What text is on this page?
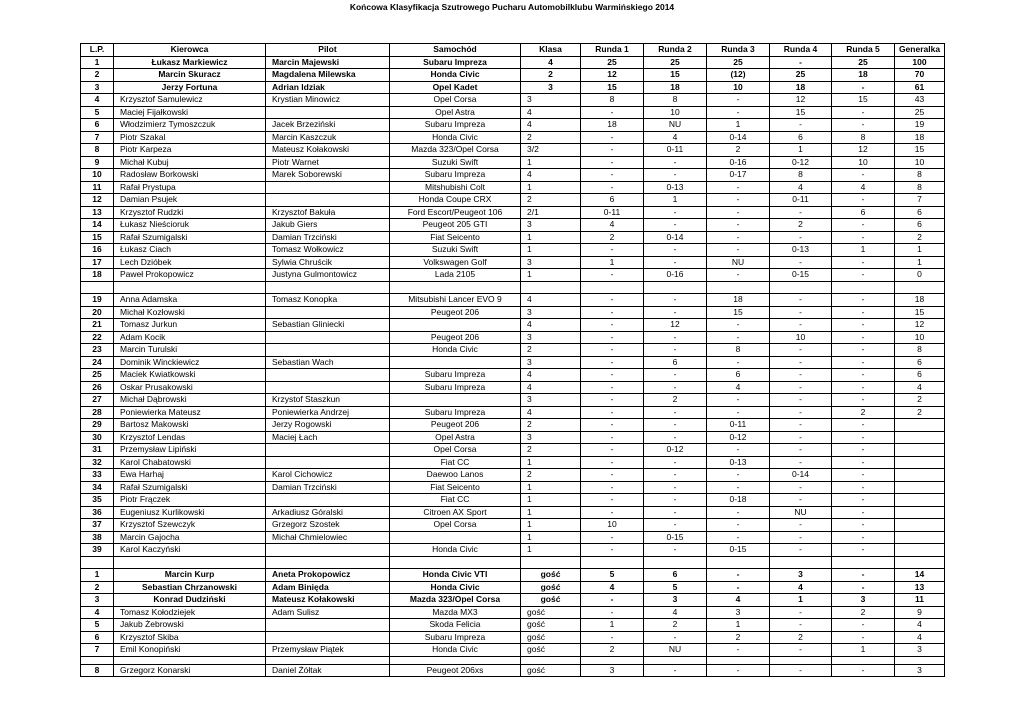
Końcowa Klasyfikacja Szutrowego Pucharu Automobilklubu Warmińskiego 2014
L.P.	Kierowca	Pilot	Samochód	Klasa	Runda 1	Runda 2	Runda 3	Runda 4	Runda 5	Generalka
1	Łukasz Markiewicz	Marcin Majewski	Subaru Impreza	4	25	25	25	-	25	100
2	Marcin Skuracz	Magdalena Milewska	Honda Civic	2	12	15	(12)	25	18	70
3	Jerzy Fortuna	Adrian Idziak	Opel Kadet	3	15	18	10	18	-	61
4	Krzysztof Samulewicz	Krystian Minowicz	Opel Corsa	3	8	8	-	12	15	43
5	Maciej Fijałkowski		Opel Astra	4	-	10	-	15	-	25
6	Włodzimierz Tymoszczuk	Jacek Brzeziński	Subaru Impreza	4	18	NU	1	-	-	19
7	Piotr Szakal	Marcin Kaszczuk	Honda Civic	2	-	4	0-14	6	8	18
8	Piotr Karpeza	Mateusz Kołakowski	Mazda 323/Opel Corsa	3/2	-	0-11	2	1	12	15
9	Michał Kubuj	Piotr Warnet	Suzuki Swift	1	-	-	0-16	0-12	10	10
10	Radosław Borkowski	Marek Soborewski	Subaru Impreza	4	-	-	0-17	8	-	8
11	Rafał Prystupa		Mitshubishi Colt	1	-	0-13	-	4	4	8
12	Damian Psujek		Honda Coupe CRX	2	6	1	-	0-11	-	7
13	Krzysztof Rudzki	Krzysztof Bakuła	Ford Escort/Peugeot 106	2/1	0-11	-	-	-	6	6
14	Łukasz Nieścioruk	Jakub Giers	Peugeot 205 GTI	3	4	-	-	2	-	6
15	Rafał Szumigalski	Damian Trzciński	Fiat Seicento	1	2	0-14	-	-	-	2
16	Łukasz Ciach	Tomasz Wołkowicz	Suzuki Swift	1	-	-	-	0-13	1	1
17	Lech Dzióbek	Sylwia Chruścik	Volkswagen Golf	3	1	-	NU	-	-	1
18	Paweł Prokopowicz	Justyna Gulmontowicz	Lada 2105	1	-	0-16	-	0-15	-	0

19	Anna Adamska	Tomasz Konopka	Mitsubishi Lancer EVO 9	4	-	-	18	-	-	18
20	Michał Kozłowski		Peugeot 206	3	-	-	15	-	-	15
21	Tomasz Jurkun	Sebastian Gliniecki		4	-	12	-	-	-	12
22	Adam Kocik		Peugeot 206	3	-	-	-	10	-	10
23	Marcin Turulski		Honda Civic	2	-	-	8	-	-	8
24	Dominik Winckiewicz	Sebastian Wach		3	-	6	-	-	-	6
25	Maciek Kwiatkowski		Subaru Impreza	4	-	-	6	-	-	6
26	Oskar Prusakowski		Subaru Impreza	4	-	-	4	-	-	4
27	Michał Dąbrowski	Krzystof Staszkun		3	-	2	-	-	-	2
28	Poniewierka Mateusz	Poniewierka Andrzej	Subaru Impreza	4	-	-	-	-	2	2
29	Bartosz Makowski	Jerzy Rogowski	Peugeot 206	2	-	-	0-11	-	-	
30	Krzysztof Lendas	Maciej Łach	Opel Astra	3	-	-	0-12	-	-	
31	Przemysław Lipiński		Opel Corsa	2	-	0-12	-	-	-	
32	Karol Chabatowski		Fiat CC	1	-	-	0-13	-	-	
33	Ewa Harhaj	Karol Cichowicz	Daewoo Lanos	2	-	-	-	0-14	-	
34	Rafał Szumigalski	Damian Trzciński	Fiat Seicento	1	-	-	-	-	-	
35	Piotr Frączek		Fiat CC	1	-	-	0-18	-	-	
36	Eugeniusz Kurlikowski	Arkadiusz Góralski	Citroen AX Sport	1	-	-	-	NU	-	
37	Krzysztof Szewczyk	Grzegorz Szostek	Opel Corsa	1	10	-	-	-	-	
38	Marcin Gajocha	Michał Chmielowiec		1	-	0-15	-	-	-	
39	Karol Kaczyński		Honda Civic	1	-	-	0-15	-	-	

1	Marcin Kurp	Aneta Prokopowicz	Honda Civic VTI	gość	5	6	-	3	-	14
2	Sebastian Chrzanowski	Adam Binięda	Honda Civic	gość	4	5	-	4	-	13
3	Konrad Dudziński	Mateusz Kołakowski	Mazda 323/Opel Corsa	gość	-	3	4	1	3	11
4	Tomasz Kołodziejek	Adam Sulisz	Mazda MX3	gość	-	4	3	-	2	9
5	Jakub Żebrowski		Skoda Felicia	gość	1	2	1	-	-	4
6	Krzysztof Skiba		Subaru Impreza	gość	-	-	2	2	-	4
7	Emil Konopiński	Przemysław Piątek	Honda Civic	gość	2	NU	-	-	1	3

8	Grzegorz Konarski	Daniel Żółtak	Peugeot 206xs	gość	3	-	-	-	-	3
